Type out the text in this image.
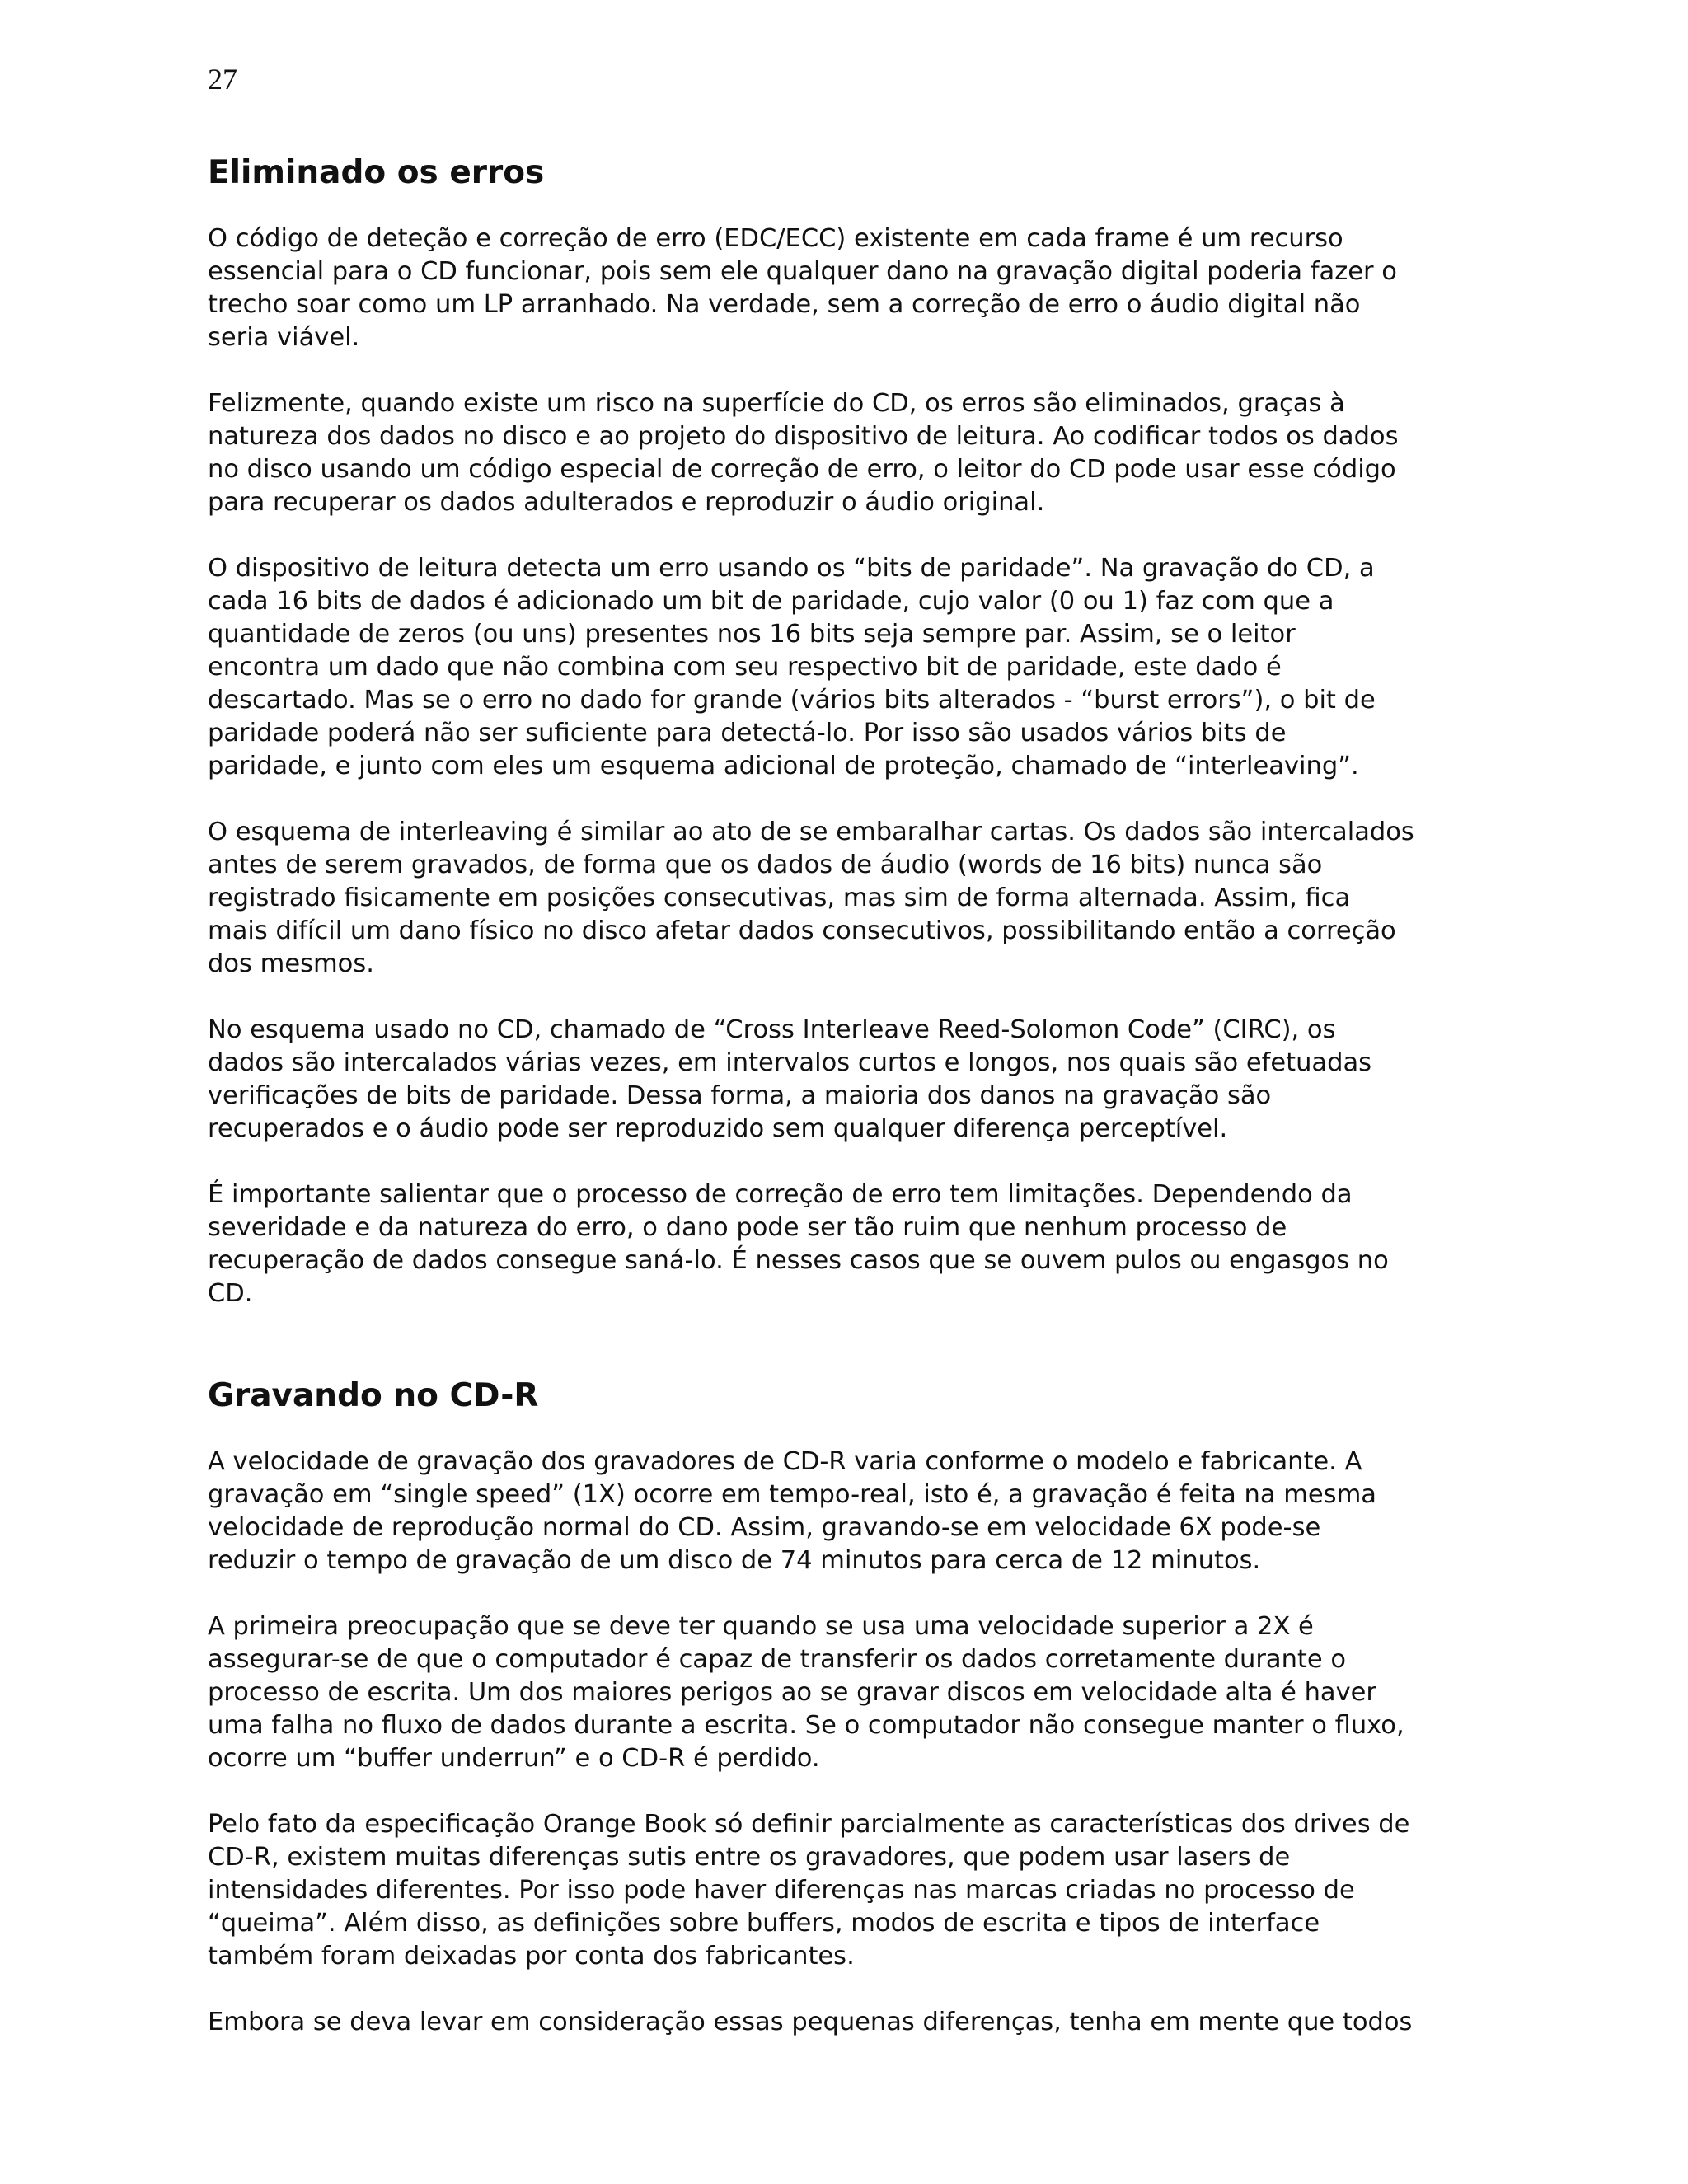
27
Eliminado os erros

O código de deteção e correção de erro (EDC/ECC) existente em cada frame é um recurso
essencial para o CD funcionar, pois sem ele qualquer dano na gravação digital poderia fazer o
trecho soar como um LP arranhado. Na verdade, sem a correção de erro o áudio digital não
seria viável.

Felizmente, quando existe um risco na superfície do CD, os erros são eliminados, graças à
natureza dos dados no disco e ao projeto do dispositivo de leitura. Ao codificar todos os dados
no disco usando um código especial de correção de erro, o leitor do CD pode usar esse código
para recuperar os dados adulterados e reproduzir o áudio original.

O dispositivo de leitura detecta um erro usando os “bits de paridade”. Na gravação do CD, a
cada 16 bits de dados é adicionado um bit de paridade, cujo valor (0 ou 1) faz com que a
quantidade de zeros (ou uns) presentes nos 16 bits seja sempre par. Assim, se o leitor
encontra um dado que não combina com seu respectivo bit de paridade, este dado é
descartado. Mas se o erro no dado for grande (vários bits alterados - “burst errors”), o bit de
paridade poderá não ser suficiente para detectá-lo. Por isso são usados vários bits de
paridade, e junto com eles um esquema adicional de proteção, chamado de “interleaving”.

O esquema de interleaving é similar ao ato de se embaralhar cartas. Os dados são intercalados
antes de serem gravados, de forma que os dados de áudio (words de 16 bits) nunca são
registrado fisicamente em posições consecutivas, mas sim de forma alternada. Assim, fica
mais difícil um dano físico no disco afetar dados consecutivos, possibilitando então a correção
dos mesmos.

No esquema usado no CD, chamado de “Cross Interleave Reed-Solomon Code” (CIRC), os
dados são intercalados várias vezes, em intervalos curtos e longos, nos quais são efetuadas
verificações de bits de paridade. Dessa forma, a maioria dos danos na gravação são
recuperados e o áudio pode ser reproduzido sem qualquer diferença perceptível.

É importante salientar que o processo de correção de erro tem limitações. Dependendo da
severidade e da natureza do erro, o dano pode ser tão ruim que nenhum processo de
recuperação de dados consegue saná-lo. É nesses casos que se ouvem pulos ou engasgos no
CD.

Gravando no CD-R

A velocidade de gravação dos gravadores de CD-R varia conforme o modelo e fabricante. A
gravação em “single speed” (1X) ocorre em tempo-real, isto é, a gravação é feita na mesma
velocidade de reprodução normal do CD. Assim, gravando-se em velocidade 6X pode-se
reduzir o tempo de gravação de um disco de 74 minutos para cerca de 12 minutos.

A primeira preocupação que se deve ter quando se usa uma velocidade superior a 2X é
assegurar-se de que o computador é capaz de transferir os dados corretamente durante o
processo de escrita. Um dos maiores perigos ao se gravar discos em velocidade alta é haver
uma falha no fluxo de dados durante a escrita. Se o computador não consegue manter o fluxo,
ocorre um “buffer underrun” e o CD-R é perdido.

Pelo fato da especificação Orange Book só definir parcialmente as características dos drives de
CD-R, existem muitas diferenças sutis entre os gravadores, que podem usar lasers de
intensidades diferentes. Por isso pode haver diferenças nas marcas criadas no processo de
“queima”. Além disso, as definições sobre buffers, modos de escrita e tipos de interface
também foram deixadas por conta dos fabricantes.

Embora se deva levar em consideração essas pequenas diferenças, tenha em mente que todos
